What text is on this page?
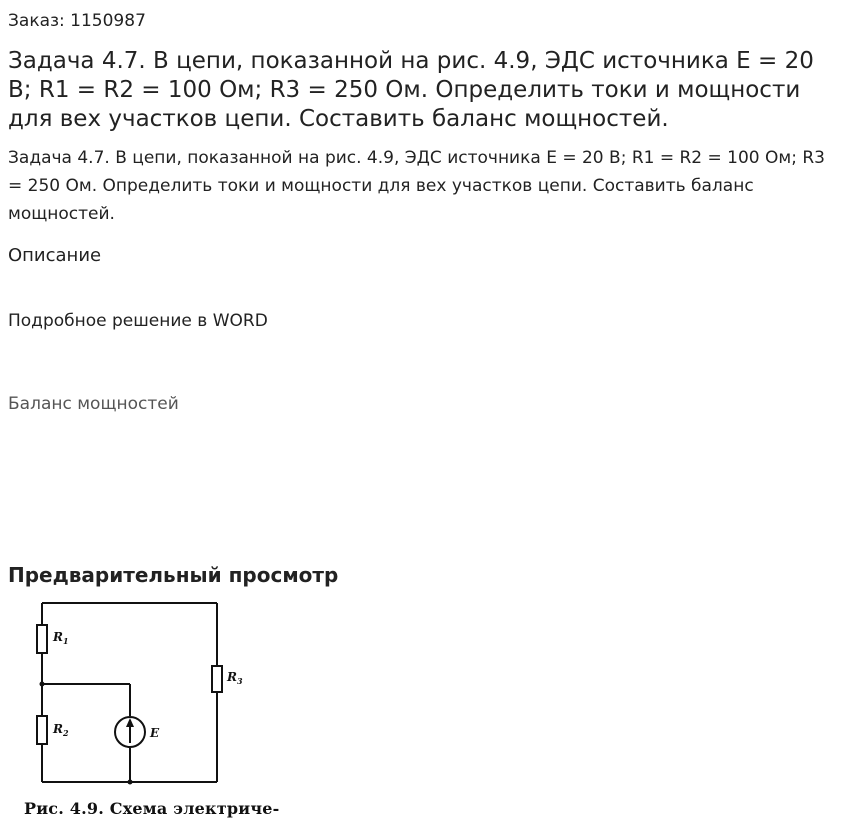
Заказ: 1150987
Задача 4.7. В цепи, показанной на рис. 4.9, ЭДС источника Е = 20 В; R1 = R2 = 100 Ом; R3 = 250 Ом. Определить токи и мощности для вех участков цепи. Составить баланс мощностей.
Задача 4.7. В цепи, показанной на рис. 4.9, ЭДС источника Е = 20 В; R1 = R2 = 100 Ом; R3 = 250 Ом. Определить токи и мощности для вех участков цепи. Составить баланс мощностей.
Описание
Подробное решение в WORD
Баланс мощностей
Предварительный просмотр
$R_1$
$R_2$
$R_3$
E
Рис. 4.9. Схема электриче-
